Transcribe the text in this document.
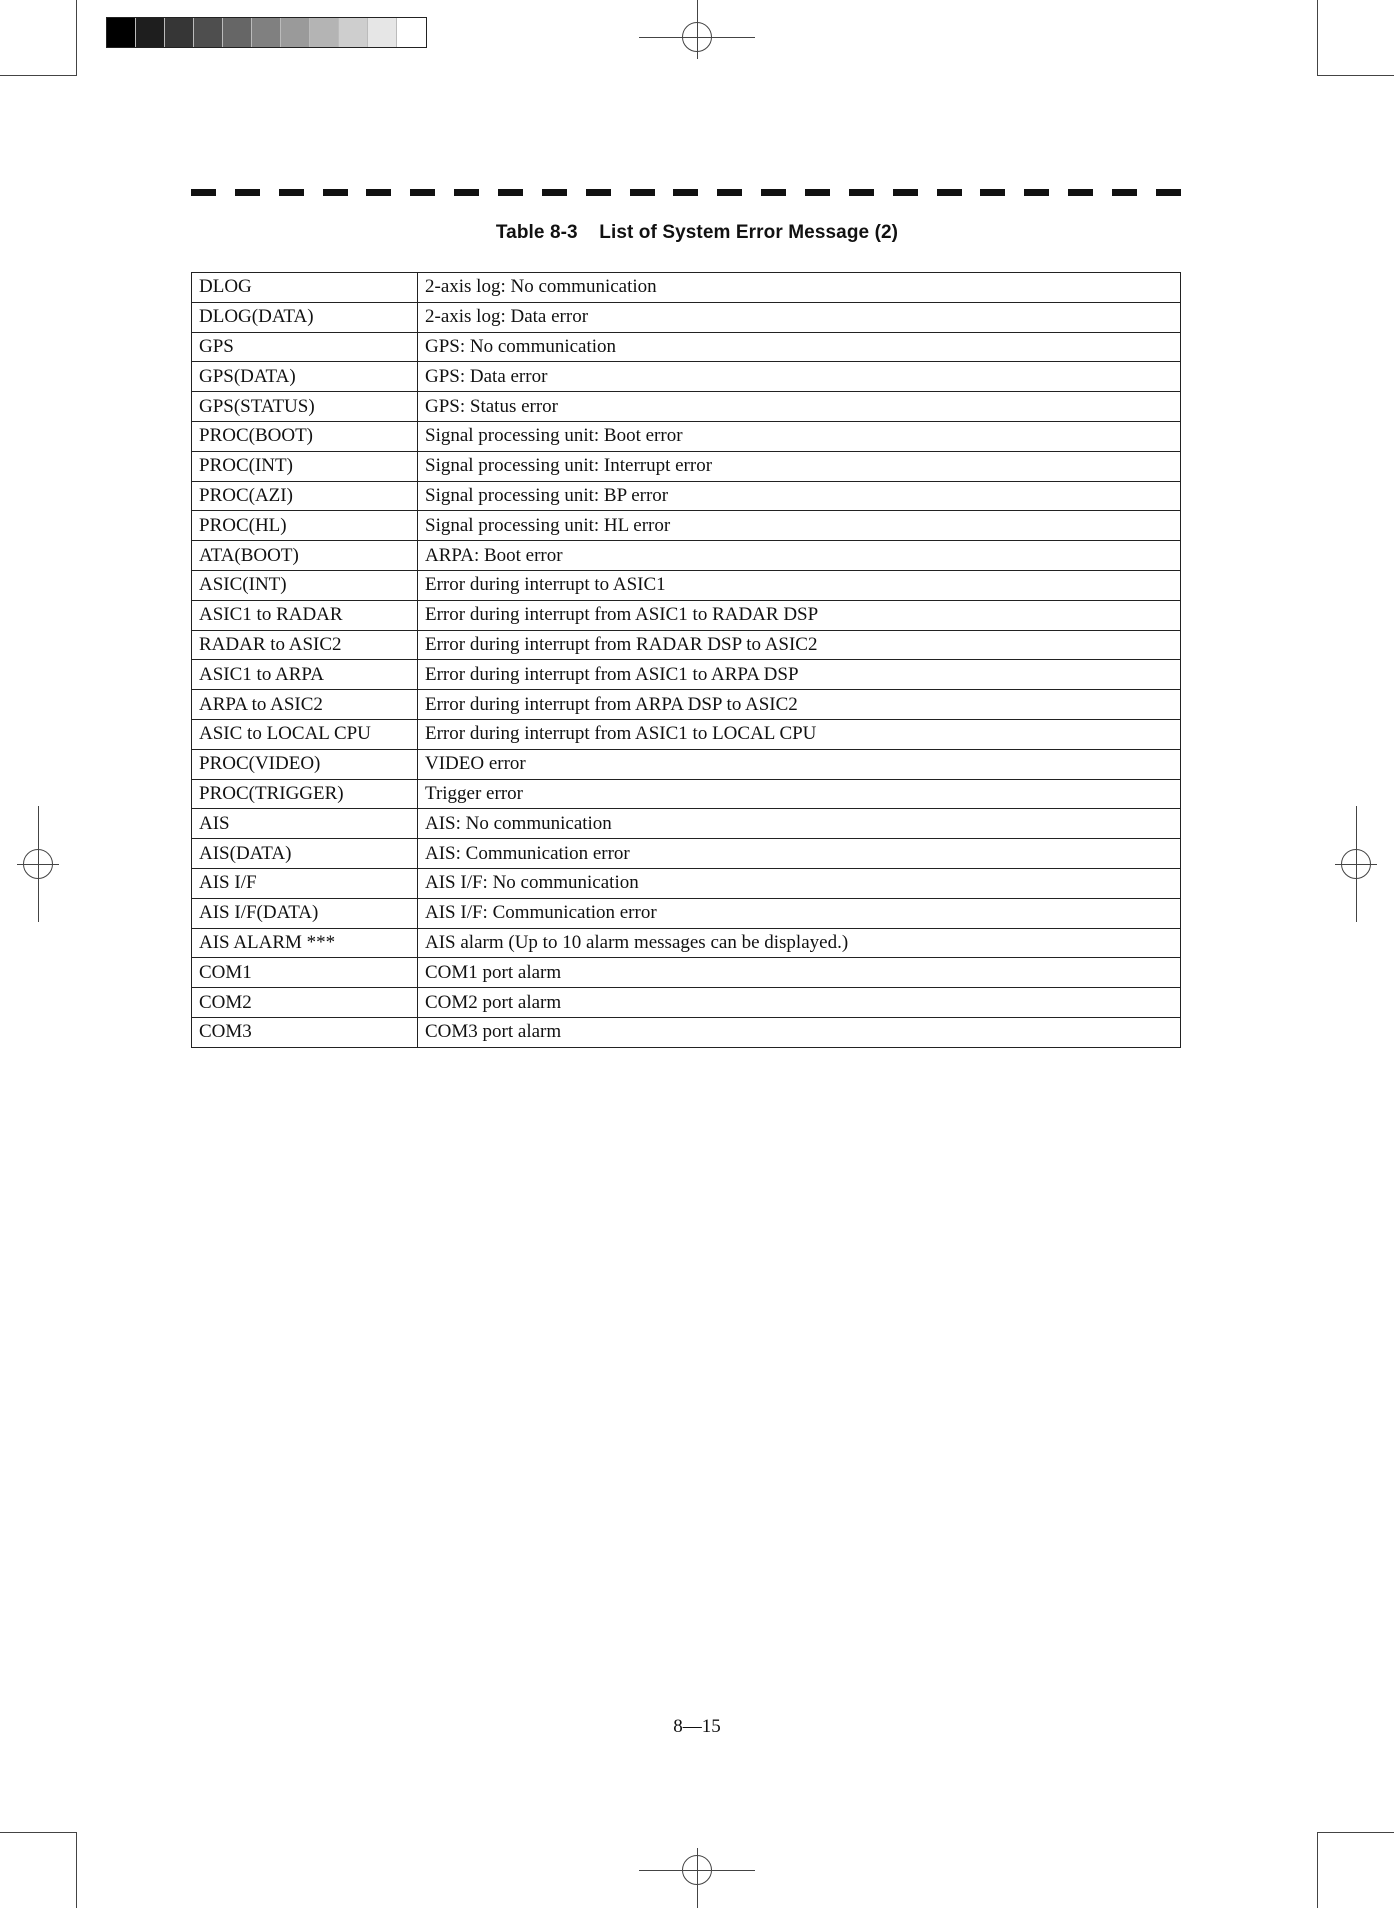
Table 8-3    List of System Error Message (2)
DLOG	2-axis log: No communication
DLOG(DATA)	2-axis log: Data error
GPS	GPS: No communication
GPS(DATA)	GPS: Data error
GPS(STATUS)	GPS: Status error
PROC(BOOT)	Signal processing unit: Boot error
PROC(INT)	Signal processing unit: Interrupt error
PROC(AZI)	Signal processing unit: BP error
PROC(HL)	Signal processing unit: HL error
ATA(BOOT)	ARPA: Boot error
ASIC(INT)	Error during interrupt to ASIC1
ASIC1 to RADAR	Error during interrupt from ASIC1 to RADAR DSP
RADAR to ASIC2	Error during interrupt from RADAR DSP to ASIC2
ASIC1 to ARPA	Error during interrupt from ASIC1 to ARPA DSP
ARPA to ASIC2	Error during interrupt from ARPA DSP to ASIC2
ASIC to LOCAL CPU	Error during interrupt from ASIC1 to LOCAL CPU
PROC(VIDEO)	VIDEO error
PROC(TRIGGER)	Trigger error
AIS	AIS: No communication
AIS(DATA)	AIS: Communication error
AIS I/F	AIS I/F: No communication
AIS I/F(DATA)	AIS I/F: Communication error
AIS ALARM ***	AIS alarm (Up to 10 alarm messages can be displayed.)
COM1	COM1 port alarm
COM2	COM2 port alarm
COM3	COM3 port alarm
8—15
